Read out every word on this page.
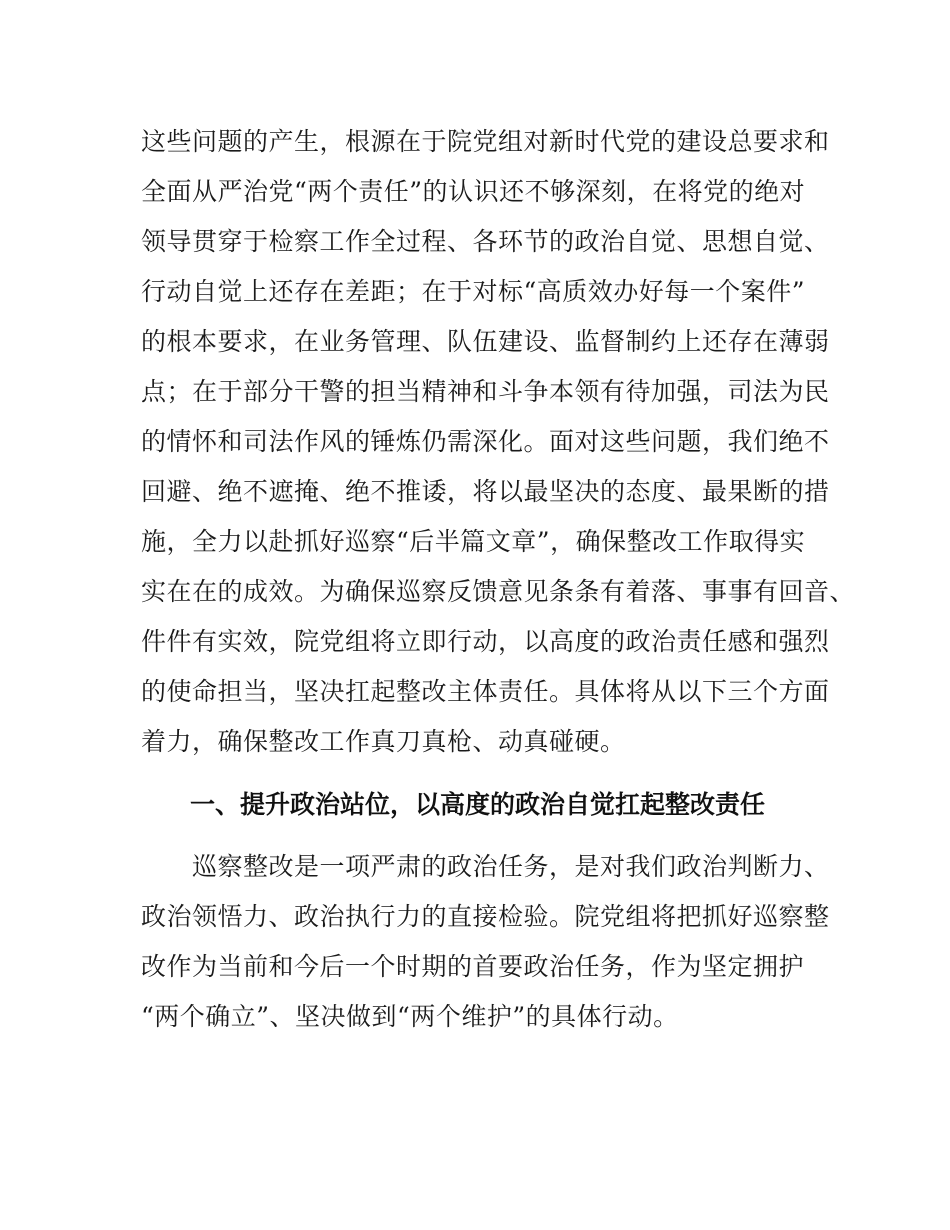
这些问题的产生，根源在于院党组对新时代党的建设总要求和
全面从严治党“两个责任”的认识还不够深刻，在将党的绝对
领导贯穿于检察工作全过程、各环节的政治自觉、思想自觉、
行动自觉上还存在差距；在于对标“高质效办好每一个案件”
的根本要求，在业务管理、队伍建设、监督制约上还存在薄弱
点；在于部分干警的担当精神和斗争本领有待加强，司法为民
的情怀和司法作风的锤炼仍需深化。面对这些问题，我们绝不
回避、绝不遮掩、绝不推诿，将以最坚决的态度、最果断的措
施，全力以赴抓好巡察“后半篇文章”，确保整改工作取得实
实在在的成效。为确保巡察反馈意见条条有着落、事事有回音、
件件有实效，院党组将立即行动，以高度的政治责任感和强烈
的使命担当，坚决扛起整改主体责任。具体将从以下三个方面
着力，确保整改工作真刀真枪、动真碰硬。
一、提升政治站位，以高度的政治自觉扛起整改责任
　　巡察整改是一项严肃的政治任务，是对我们政治判断力、
政治领悟力、政治执行力的直接检验。院党组将把抓好巡察整
改作为当前和今后一个时期的首要政治任务，作为坚定拥护
“两个确立”、坚决做到“两个维护”的具体行动。
